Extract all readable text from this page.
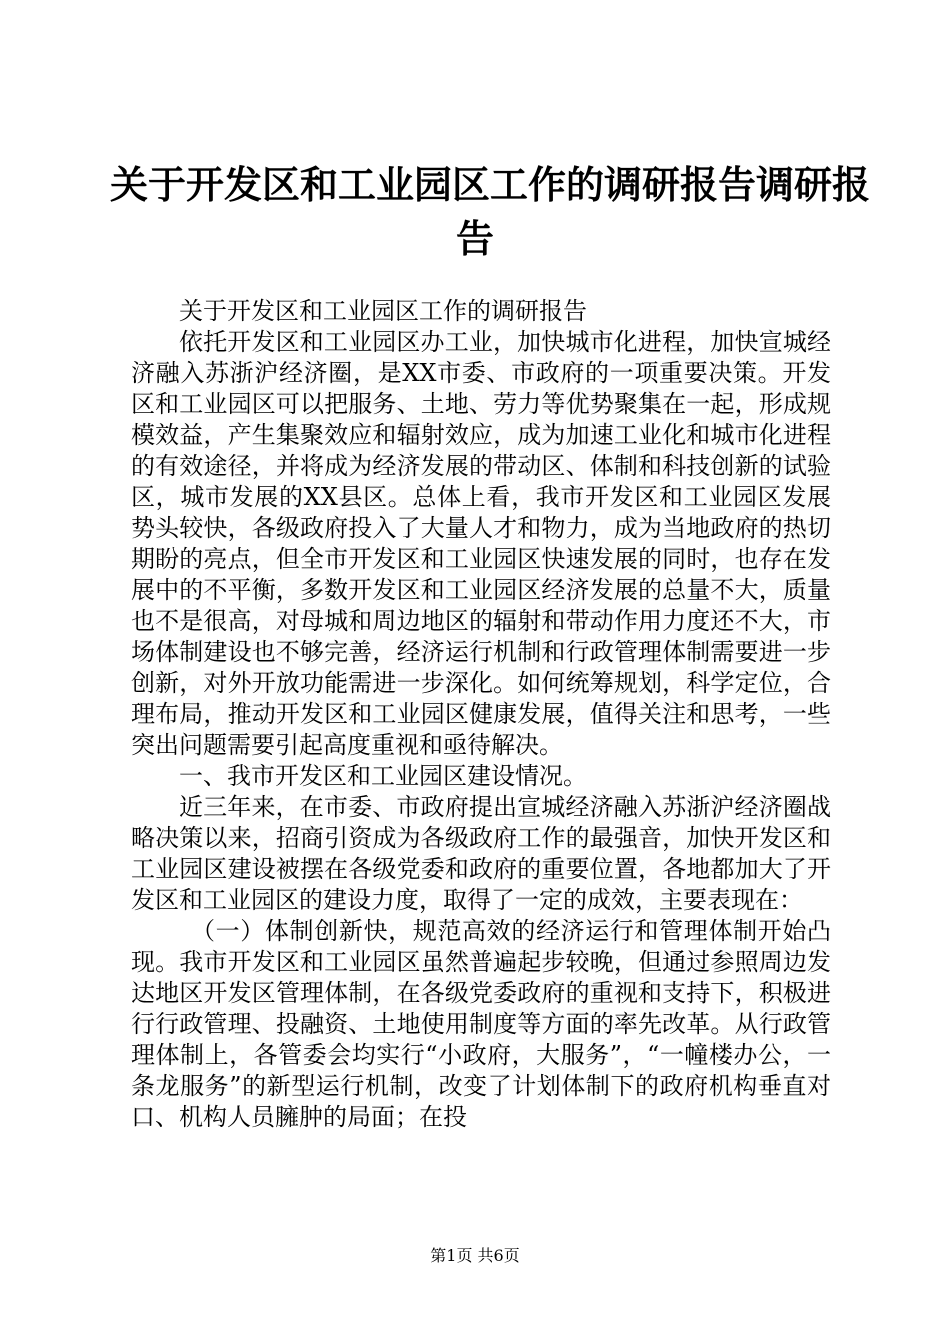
关于开发区和工业园区工作的调研报告调研报
告

关于开发区和工业园区工作的调研报告

依托开发区和工业园区办工业，加快城市化进程，加快宣城经济融入苏浙沪经济圈，是XX市委、市政府的一项重要决策。开发区和工业园区可以把服务、土地、劳力等优势聚集在一起，形成规模效益，产生集聚效应和辐射效应，成为加速工业化和城市化进程的有效途径，并将成为经济发展的带动区、体制和科技创新的试验区，城市发展的XX县区。总体上看，我市开发区和工业园区发展势头较快，各级政府投入了大量人才和物力，成为当地政府的热切期盼的亮点，但全市开发区和工业园区快速发展的同时，也存在发展中的不平衡，多数开发区和工业园区经济发展的总量不大，质量也不是很高，对母城和周边地区的辐射和带动作用力度还不大，市场体制建设也不够完善，经济运行机制和行政管理体制需要进一步创新，对外开放功能需进一步深化。如何统筹规划，科学定位，合理布局，推动开发区和工业园区健康发展，值得关注和思考，一些突出问题需要引起高度重视和亟待解决。

一、我市开发区和工业园区建设情况。

近三年来，在市委、市政府提出宣城经济融入苏浙沪经济圈战略决策以来，招商引资成为各级政府工作的最强音，加快开发区和工业园区建设被摆在各级党委和政府的重要位置，各地都加大了开发区和工业园区的建设力度，取得了一定的成效，主要表现在：

（一）体制创新快，规范高效的经济运行和管理体制开始凸现。我市开发区和工业园区虽然普遍起步较晚，但通过参照周边发达地区开发区管理体制，在各级党委政府的重视和支持下，积极进行行政管理、投融资、土地使用制度等方面的率先改革。从行政管理体制上，各管委会均实行“小政府，大服务”，“一幢楼办公，一条龙服务”的新型运行机制，改变了计划体制下的政府机构垂直对口、机构人员臃肿的局面；在投

第1页 共6页
